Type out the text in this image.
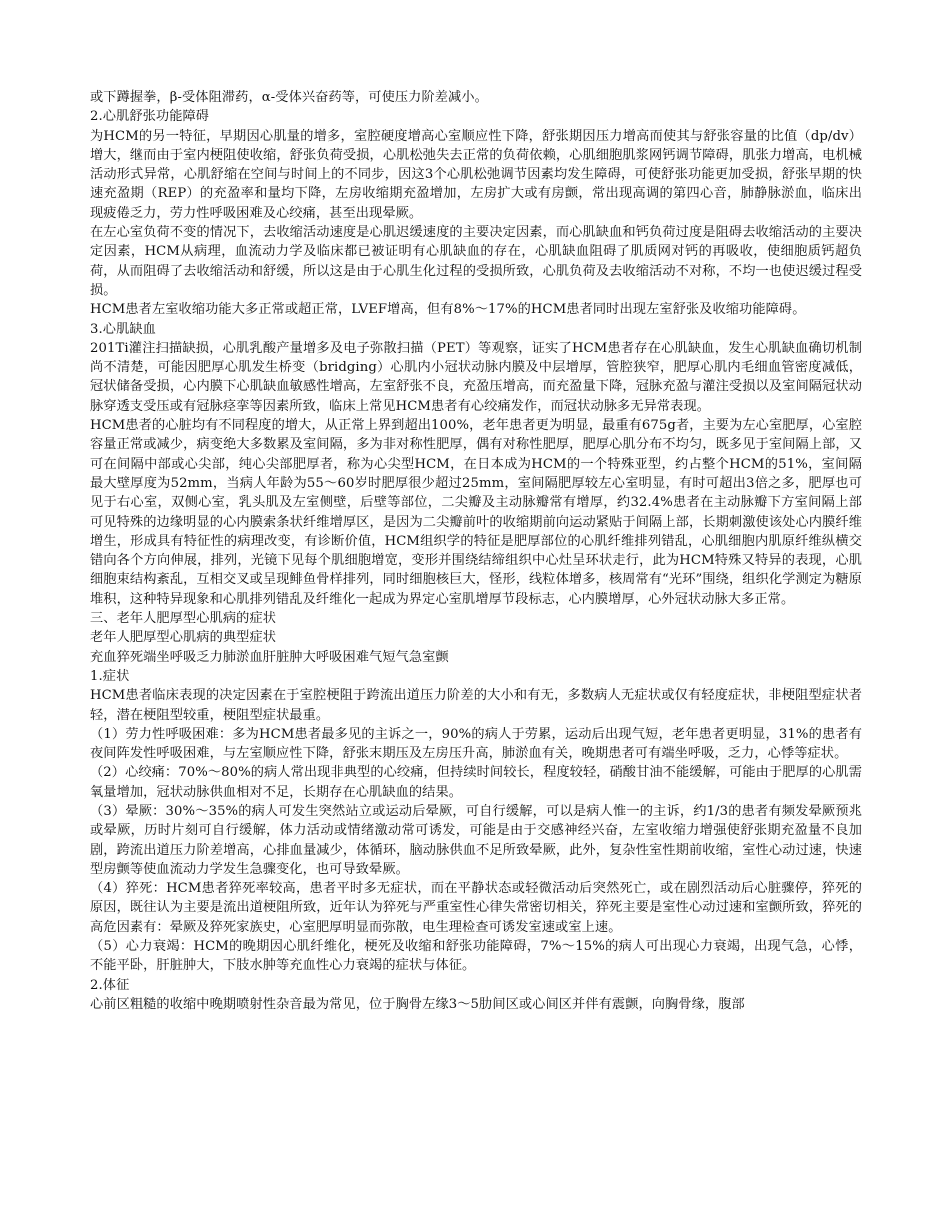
或下蹲握拳，β-受体阻滞药，α-受体兴奋药等，可使压力阶差减小。

2.心肌舒张功能障碍

为HCM的另一特征，早期因心肌量的增多，室腔硬度增高心室顺应性下降，舒张期因压力增高而使其与舒张容量的比值（dp/dv）增大，继而由于室内梗阻使收缩，舒张负荷受损，心肌松弛失去正常的负荷依赖，心肌细胞肌浆网钙调节障碍，肌张力增高，电机械活动形式异常，心肌舒缩在空间与时间上的不同步，因这3个心肌松弛调节因素均发生障碍，可使舒张功能更加受损，舒张早期的快速充盈期（REP）的充盈率和量均下降，左房收缩期充盈增加，左房扩大或有房颤，常出现高调的第四心音，肺静脉淤血，临床出现疲倦乏力，劳力性呼吸困难及心绞痛，甚至出现晕厥。

在左心室负荷不变的情况下，去收缩活动速度是心肌迟缓速度的主要决定因素，而心肌缺血和钙负荷过度是阻碍去收缩活动的主要决定因素，HCM从病理，血流动力学及临床都已被证明有心肌缺血的存在，心肌缺血阻碍了肌质网对钙的再吸收，使细胞质钙超负荷，从而阻碍了去收缩活动和舒缓，所以这是由于心肌生化过程的受损所致，心肌负荷及去收缩活动不对称，不均一也使迟缓过程受损。

HCM患者左室收缩功能大多正常或超正常，LVEF增高，但有8%～17%的HCM患者同时出现左室舒张及收缩功能障碍。

3.心肌缺血

201Ti灌注扫描缺损，心肌乳酸产量增多及电子弥散扫描（PET）等观察，证实了HCM患者存在心肌缺血，发生心肌缺血确切机制尚不清楚，可能因肥厚心肌发生桥变（bridging）心肌内小冠状动脉内膜及中层增厚，管腔狭窄，肥厚心肌内毛细血管密度减低，冠状储备受损，心内膜下心肌缺血敏感性增高，左室舒张不良，充盈压增高，而充盈量下降，冠脉充盈与灌注受损以及室间隔冠状动脉穿透支受压或有冠脉痉挛等因素所致，临床上常见HCM患者有心绞痛发作，而冠状动脉多无异常表现。

HCM患者的心脏均有不同程度的增大，从正常上界到超出100%，老年患者更为明显，最重有675g者，主要为左心室肥厚，心室腔容量正常或减少，病变绝大多数累及室间隔，多为非对称性肥厚，偶有对称性肥厚，肥厚心肌分布不均匀，既多见于室间隔上部，又可在间隔中部或心尖部，纯心尖部肥厚者，称为心尖型HCM，在日本成为HCM的一个特殊亚型，约占整个HCM的51%，室间隔最大壁厚度为52mm，当病人年龄为55～60岁时肥厚很少超过25mm，室间隔肥厚较左心室明显，有时可超出3倍之多，肥厚也可见于右心室，双侧心室，乳头肌及左室侧壁，后壁等部位，二尖瓣及主动脉瓣常有增厚，约32.4%患者在主动脉瓣下方室间隔上部可见特殊的边缘明显的心内膜索条状纤维增厚区，是因为二尖瓣前叶的收缩期前向运动紧贴于间隔上部，长期刺激使该处心内膜纤维增生，形成具有特征性的病理改变，有诊断价值，HCM组织学的特征是肥厚部位的心肌纤维排列错乱，心肌细胞内肌原纤维纵横交错向各个方向伸展，排列，光镜下见每个肌细胞增宽，变形并围绕结缔组织中心灶呈环状走行，此为HCM特殊又特异的表现，心肌细胞束结构紊乱，互相交叉或呈现鲱鱼骨样排列，同时细胞核巨大，怪形，线粒体增多，核周常有“光环”围绕，组织化学测定为糖原堆积，这种特异现象和心肌排列错乱及纤维化一起成为界定心室肌增厚节段标志，心内膜增厚，心外冠状动脉大多正常。

三、老年人肥厚型心肌病的症状

老年人肥厚型心肌病的典型症状

充血猝死端坐呼吸乏力肺淤血肝脏肿大呼吸困难气短气急室颤

1.症状

HCM患者临床表现的决定因素在于室腔梗阻于跨流出道压力阶差的大小和有无，多数病人无症状或仅有轻度症状，非梗阻型症状者轻，潜在梗阻型较重，梗阻型症状最重。

（1）劳力性呼吸困难：多为HCM患者最多见的主诉之一，90%的病人于劳累，运动后出现气短，老年患者更明显，31%的患者有夜间阵发性呼吸困难，与左室顺应性下降，舒张末期压及左房压升高，肺淤血有关，晚期患者可有端坐呼吸，乏力，心悸等症状。

（2）心绞痛：70%～80%的病人常出现非典型的心绞痛，但持续时间较长，程度较轻，硝酸甘油不能缓解，可能由于肥厚的心肌需氧量增加，冠状动脉供血相对不足，长期存在心肌缺血的结果。

（3）晕厥：30%～35%的病人可发生突然站立或运动后晕厥，可自行缓解，可以是病人惟一的主诉，约1/3的患者有频发晕厥预兆或晕厥，历时片刻可自行缓解，体力活动或情绪激动常可诱发，可能是由于交感神经兴奋，左室收缩力增强使舒张期充盈量不良加剧，跨流出道压力阶差增高，心排血量减少，体循环，脑动脉供血不足所致晕厥，此外，复杂性室性期前收缩，室性心动过速，快速型房颤等使血流动力学发生急骤变化，也可导致晕厥。

（4）猝死：HCM患者猝死率较高，患者平时多无症状，而在平静状态或轻微活动后突然死亡，或在剧烈活动后心脏骤停，猝死的原因，既往认为主要是流出道梗阻所致，近年认为猝死与严重室性心律失常密切相关，猝死主要是室性心动过速和室颤所致，猝死的高危因素有：晕厥及猝死家族史，心室肥厚明显而弥散，电生理检查可诱发室速或室上速。

（5）心力衰竭：HCM的晚期因心肌纤维化，梗死及收缩和舒张功能障碍，7%～15%的病人可出现心力衰竭，出现气急，心悸，不能平卧，肝脏肿大，下肢水肿等充血性心力衰竭的症状与体征。

2.体征

心前区粗糙的收缩中晚期喷射性杂音最为常见，位于胸骨左缘3～5肋间区或心间区并伴有震颤，向胸骨缘，腹部
